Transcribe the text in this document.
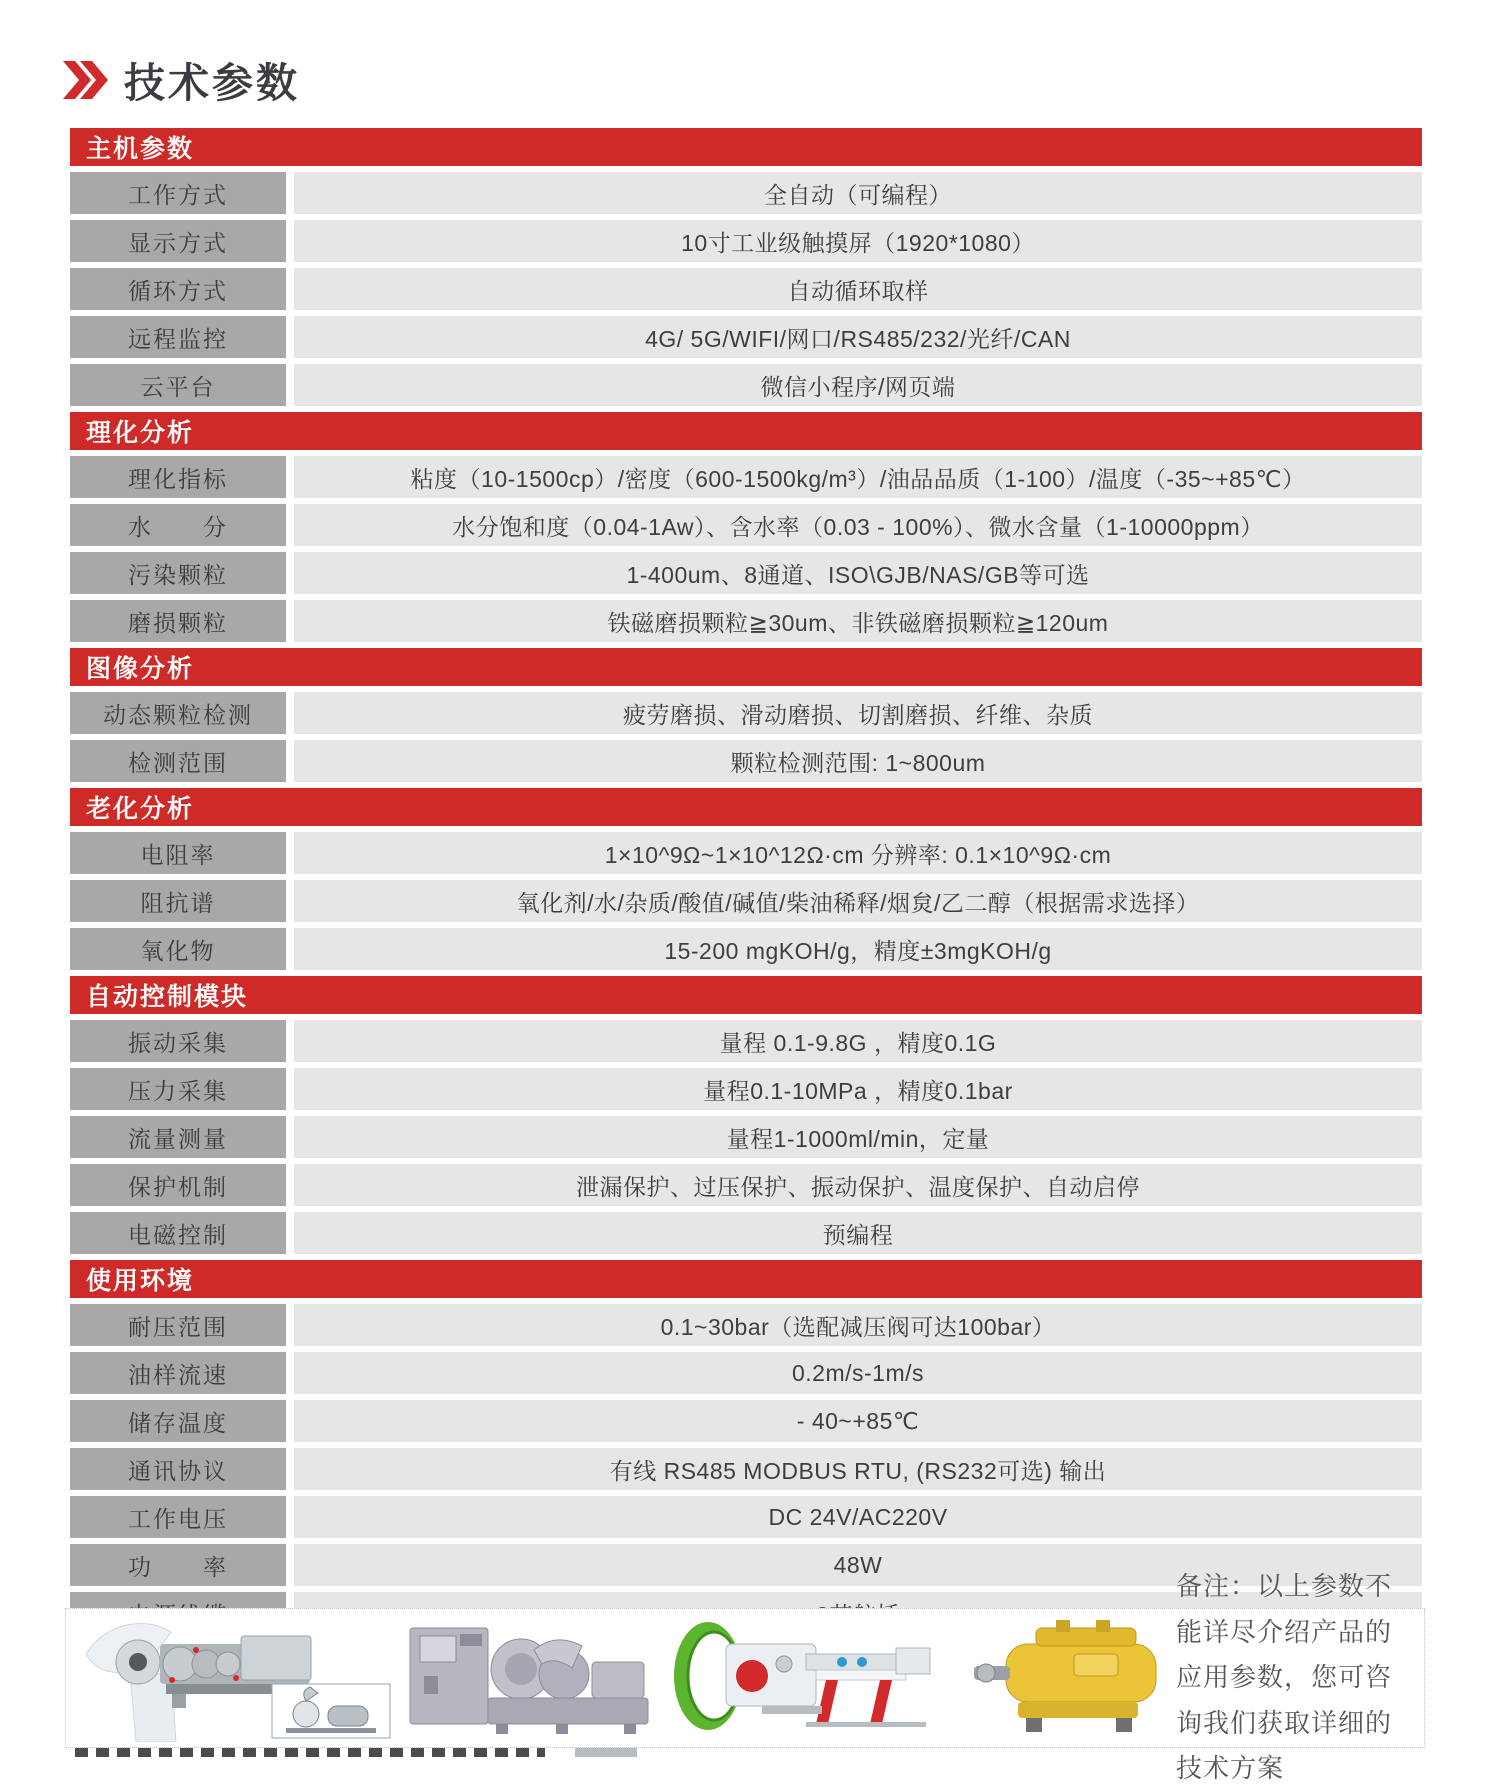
技术参数
主机参数
工作方式	全自动（可编程）
显示方式	10寸工业级触摸屏（1920*1080）
循环方式	自动循环取样
远程监控	4G/ 5G/WIFI/网口/RS485/232/光纤/CAN
云平台	微信小程序/网页端
理化分析
理化指标	粘度（10-1500cp）/密度（600-1500kg/m³）/油品品质（1-100）/温度（-35~+85℃）
水　　分	水分饱和度（0.04-1Aw）、含水率（0.03 - 100%）、微水含量（1-10000ppm）
污染颗粒	1-400um、8通道、ISO\GJB/NAS/GB等可选
磨损颗粒	铁磁磨损颗粒≧30um、非铁磁磨损颗粒≧120um
图像分析
动态颗粒检测	疲劳磨损、滑动磨损、切割磨损、纤维、杂质
检测范围	颗粒检测范围: 1~800um
老化分析
电阻率	1×10^9Ω~1×10^12Ω·cm 分辨率: 0.1×10^9Ω·cm
阻抗谱	氧化剂/水/杂质/酸值/碱值/柴油稀释/烟炱/乙二醇（根据需求选择）
氧化物	15-200 mgKOH/g，精度±3mgKOH/g
自动控制模块
振动采集	量程 0.1-9.8G ，精度0.1G
压力采集	量程0.1-10MPa ，精度0.1bar
流量测量	量程1-1000ml/min，定量
保护机制	泄漏保护、过压保护、振动保护、温度保护、自动启停
电磁控制	预编程
使用环境
耐压范围	0.1~30bar（选配减压阀可达100bar）
油样流速	0.2m/s-1m/s
储存温度	- 40~+85℃
通讯协议	有线 RS485 MODBUS RTU, (RS232可选) 输出
工作电压	DC 24V/AC220V
功　　率	48W
备注：以上参数不能详尽介绍产品的应用参数，您可咨询我们获取详细的技术方案
